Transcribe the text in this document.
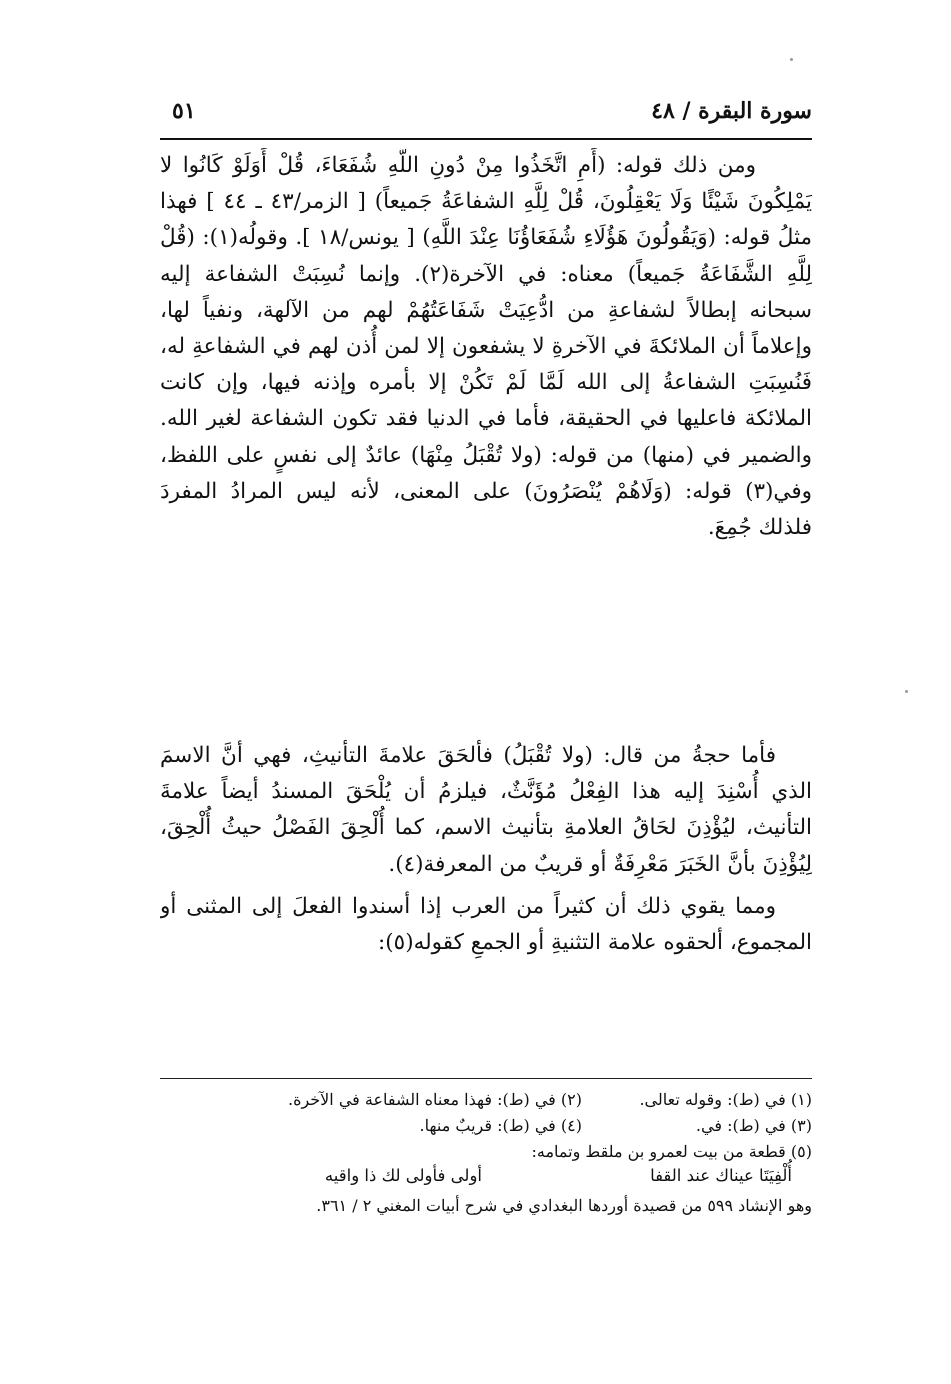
سورة البقرة / ٤٨
٥١

ومن ذلك قوله: (أَمِ اتَّخَذُوا مِنْ دُونِ اللَّهِ شُفَعَاءَ، قُلْ أَوَلَوْ كَانُوا لا يَمْلِكُونَ شَيْئًا وَلَا يَعْقِلُونَ، قُلْ لِلَّهِ الشفاعَةُ جَميعاً) [ الزمر/٤٣ ـ ٤٤ ] فهذا مثلُ قوله: (وَيَقُولُونَ هَؤُلَاءِ شُفَعَاؤُنَا عِنْدَ اللَّهِ) [ يونس/١٨ ]. وقولُه(١): (قُلْ لِلَّهِ الشَّفَاعَةُ جَميعاً) معناه: في الآخرة(٢). وإنما نُسِبَتْ الشفاعة إليه سبحانه إبطالاً لشفاعةِ من ادُّعِيَتْ شَفَاعَتُهُمْ لهم من الآلهة، ونفياً لها، وإعلاماً أن الملائكةَ في الآخرةِ لا يشفعون إلا لمن أُذن لهم في الشفاعةِ له، فَنُسِبَتِ الشفاعةُ إلى الله لَمَّا لَمْ تَكُنْ إلا بأمره وإذنه فيها، وإن كانت الملائكة فاعليها في الحقيقة، فأما في الدنيا فقد تكون الشفاعة لغير الله. والضمير في (منها) من قوله: (ولا تُقْبَلُ مِنْهَا) عائدٌ إلى نفسٍ على اللفظ، وفي(٣) قوله: (وَلَاهُمْ يُنْصَرُونَ) على المعنى، لأنه ليس المرادُ المفردَ فلذلك جُمِعَ.

فأما حجةُ من قال: (ولا تُقْبَلُ) فألحَقَ علامةَ التأنيثِ، فهي أنَّ الاسمَ الذي أُسْنِدَ إليه هذا الفِعْلُ مُؤَنَّثٌ، فيلزمُ أن يُلْحَقَ المسندُ أيضاً علامةَ التأنيث، ليُؤْذِنَ لحَاقُ العلامةِ بتأنيث الاسم، كما أُلْحِقَ الفَصْلُ حيثُ أُلْحِقَ، لِيُؤْذِنَ بأنَّ الخَبَرَ مَعْرِفَةٌ أو قريبٌ من المعرفة(٤).

ومما يقوي ذلك أن كثيراً من العرب إذا أسندوا الفعلَ إلى المثنى أو المجموع، ألحقوه علامة التثنيةِ أو الجمعِ كقوله(٥):

(١) في (ط): وقوله تعالى.
(٢) في (ط): فهذا معناه الشفاعة في الآخرة.
(٣) في (ط): في.
(٤) في (ط): قريبٌ منها.
(٥) قطعة من بيت لعمرو بن ملقط وتمامه:
أُلْفِيَتَا عيناك عند القفا
أولى فأولى لك ذا واقيه
وهو الإنشاد ٥٩٩ من قصيدة أوردها البغدادي في شرح أبيات المغني ٢ / ٣٦١.
